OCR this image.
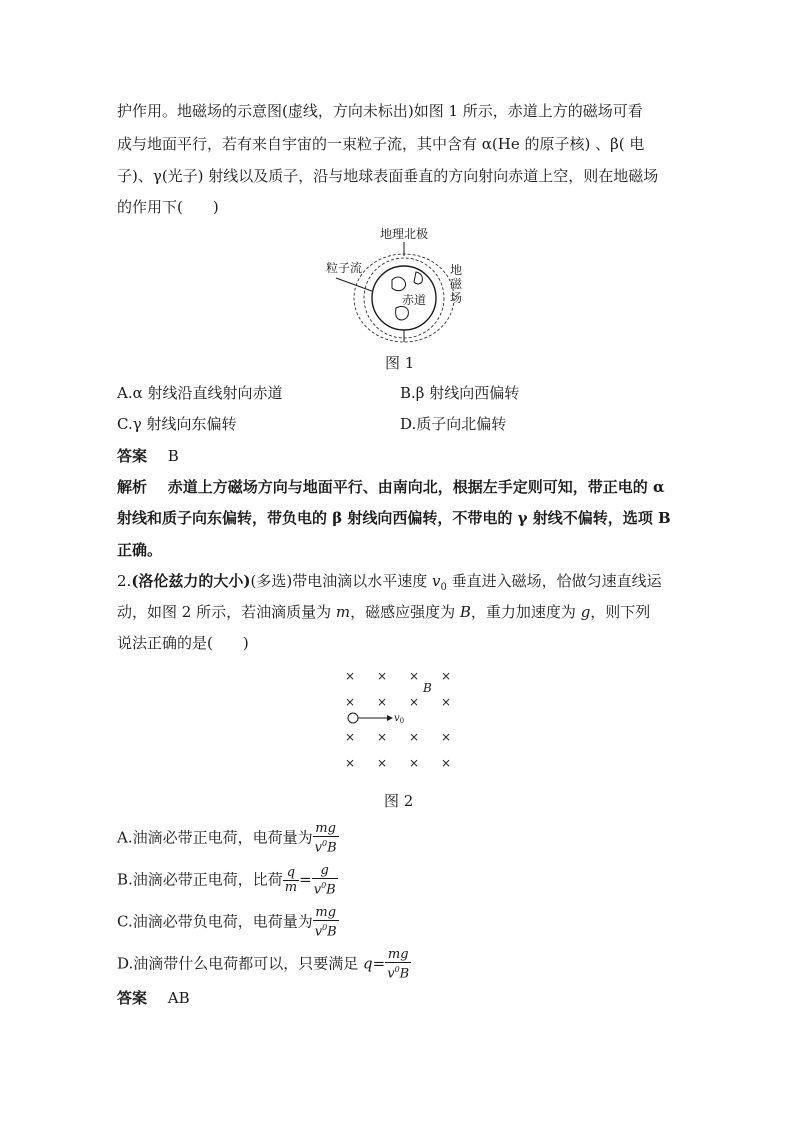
护作用。地磁场的示意图(虚线，方向未标出)如图 1 所示，赤道上方的磁场可看
成与地面平行，若有来自宇宙的一束粒子流，其中含有 α(He 的原子核) 、β( 电
子)、γ(光子) 射线以及质子，沿与地球表面垂直的方向射向赤道上空，则在地磁场
的作用下(　　)
地理北极
粒子流
赤道
地
磁
场
图 1
A.α 射线沿直线射向赤道	B.β 射线向西偏转
C.γ 射线向东偏转	D.质子向北偏转
答案 B
解析 赤道上方磁场方向与地面平行、由南向北，根据左手定则可知，带正电的 α
射线和质子向东偏转，带负电的 β 射线向西偏转，不带电的 γ 射线不偏转，选项 B
正确。
2.(洛伦兹力的大小)(多选)带电油滴以水平速度 $v_0$ 垂直进入磁场，恰做匀速直线运
动，如图 2 所示，若油滴质量为 m，磁感应强度为 B，重力加速度为 g，则下列
说法正确的是(　　)
× × × ×
× × × ×
× × × ×
× × × ×
B
$v_0$
图 2
A.油滴必带正电荷，电荷量为 $\frac{mg}{v^0B}$
B.油滴必带正电荷，比荷 $\frac{q}{m} = \frac{g}{v^0B}$
C.油滴必带负电荷，电荷量为 $\frac{mg}{v^0B}$
D.油滴带什么电荷都可以，只要满足 $q= \frac{mg}{v^0B}$
答案 AB
